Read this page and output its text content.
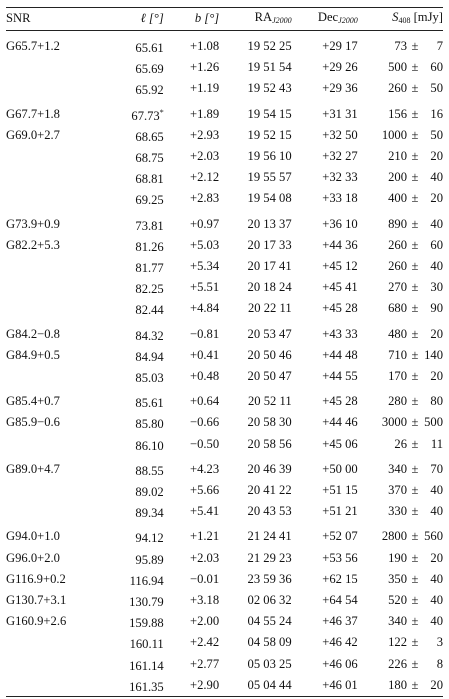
SNR	ℓ [°]	b [°]	$RA_{J2000}$	Dec$_{J2000}$	$S_{408}$ [mJy]
G65.7+1.2	65.61	+1.08	19 52 25	+29 17	73 ± 7
	65.69	+1.26	19 51 54	+29 26	500 ± 60
	65.92	+1.19	19 52 43	+29 36	260 ± 50
G67.7+1.8	67.73*	+1.89	19 54 15	+31 31	156 ± 16
G69.0+2.7	68.65	+2.93	19 52 15	+32 50	1000 ± 50
	68.75	+2.03	19 56 10	+32 27	210 ± 20
	68.81	+2.12	19 55 57	+32 33	200 ± 40
	69.25	+2.83	19 54 08	+33 18	400 ± 20
G73.9+0.9	73.81	+0.97	20 13 37	+36 10	890 ± 40
G82.2+5.3	81.26	+5.03	20 17 33	+44 36	260 ± 60
	81.77	+5.34	20 17 41	+45 12	260 ± 40
	82.25	+5.51	20 18 24	+45 41	270 ± 30
	82.44	+4.84	20 22 11	+45 28	680 ± 90
G84.2−0.8	84.32	−0.81	20 53 47	+43 33	480 ± 20
G84.9+0.5	84.94	+0.41	20 50 46	+44 48	710 ± 140
	85.03	+0.48	20 50 47	+44 55	170 ± 20
G85.4+0.7	85.61	+0.64	20 52 11	+45 28	280 ± 80
G85.9−0.6	85.80	−0.66	20 58 30	+44 46	3000 ± 500
	86.10	−0.50	20 58 56	+45 06	26 ± 11
G89.0+4.7	88.55	+4.23	20 46 39	+50 00	340 ± 70
	89.02	+5.66	20 41 22	+51 15	370 ± 40
	89.34	+5.41	20 43 53	+51 21	330 ± 40
G94.0+1.0	94.12	+1.21	21 24 41	+52 07	2800 ± 560
G96.0+2.0	95.89	+2.03	21 29 23	+53 56	190 ± 20
G116.9+0.2	116.94	−0.01	23 59 36	+62 15	350 ± 40
G130.7+3.1	130.79	+3.18	02 06 32	+64 54	520 ± 40
G160.9+2.6	159.88	+2.00	04 55 24	+46 37	340 ± 40
	160.11	+2.42	04 58 09	+46 42	122 ± 3
	161.14	+2.77	05 03 25	+46 06	226 ± 8
	161.35	+2.90	05 04 44	+46 01	180 ± 20
